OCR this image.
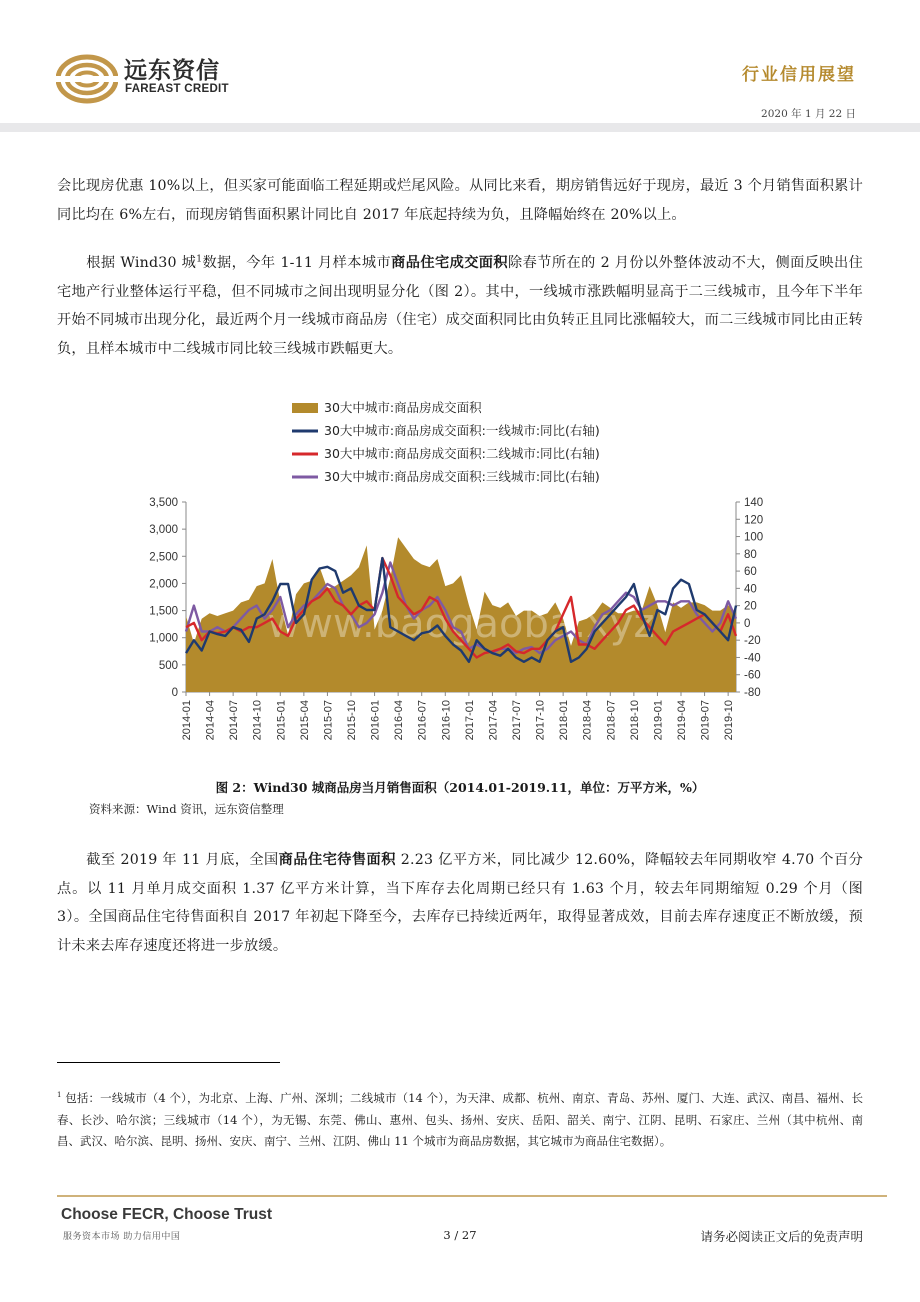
远东资信
FAREAST CREDIT
行业信用展望
2020 年 1 月 22 日
会比现房优惠 10%以上，但买家可能面临工程延期或烂尾风险。从同比来看，期房销售远好于现房，最近 3 个月销售面积累计同比均在 6%左右，而现房销售面积累计同比自 2017 年底起持续为负，且降幅始终在 20%以上。
根据 Wind30 城$^1$数据，今年 1-11 月样本城市商品住宅成交面积除春节所在的 2 月份以外整体波动不大，侧面反映出住宅地产行业整体运行平稳，但不同城市之间出现明显分化（图 2）。其中，一线城市涨跌幅明显高于二三线城市，且今年下半年开始不同城市出现分化，最近两个月一线城市商品房（住宅）成交面积同比由负转正且同比涨幅较大，而二三线城市同比由正转负，且样本城市中二线城市同比较三线城市跌幅更大。
30大中城市:商品房成交面积
30大中城市:商品房成交面积:一线城市:同比(右轴)
30大中城市:商品房成交面积:二线城市:同比(右轴)
30大中城市:商品房成交面积:三线城市:同比(右轴)
0
500
1,000
1,500
2,000
2,500
3,000
3,500
-80
-60
-40
-20
0
20
40
60
80
100
120
140
www.baogaoba.xyz
2014-01 2014-04 2014-07 2014-10 2015-01 2015-04 2015-07 2015-10 2016-01 2016-04 2016-07 2016-10 2017-01 2017-04 2017-07 2017-10 2018-01 2018-04 2018-07 2018-10 2019-01 2019-04 2019-07 2019-10
图 2：Wind30 城商品房当月销售面积（2014.01-2019.11，单位：万平方米，%）
资料来源：Wind 资讯，远东资信整理
截至 2019 年 11 月底，全国商品住宅待售面积 2.23 亿平方米，同比减少 12.60%，降幅较去年同期收窄 4.70 个百分点。以 11 月单月成交面积 1.37 亿平方米计算，当下库存去化周期已经只有 1.63 个月，较去年同期缩短 0.29 个月（图 3）。全国商品住宅待售面积自 2017 年初起下降至今，去库存已持续近两年，取得显著成效，目前去库存速度正不断放缓，预计未来去库存速度还将进一步放缓。
$^1$ 包括：一线城市（4 个），为北京、上海、广州、深圳；二线城市（14 个），为天津、成都、杭州、南京、青岛、苏州、厦门、大连、武汉、南昌、福州、长春、长沙、哈尔滨；三线城市（14 个），为无锡、东莞、佛山、惠州、包头、扬州、安庆、岳阳、韶关、南宁、江阴、昆明、石家庄、兰州（其中杭州、南昌、武汉、哈尔滨、昆明、扬州、安庆、南宁、兰州、江阴、佛山 11 个城市为商品房数据，其它城市为商品住宅数据）。
Choose FECR, Choose Trust
服务资本市场 助力信用中国	3 / 27	请务必阅读正文后的免责声明
